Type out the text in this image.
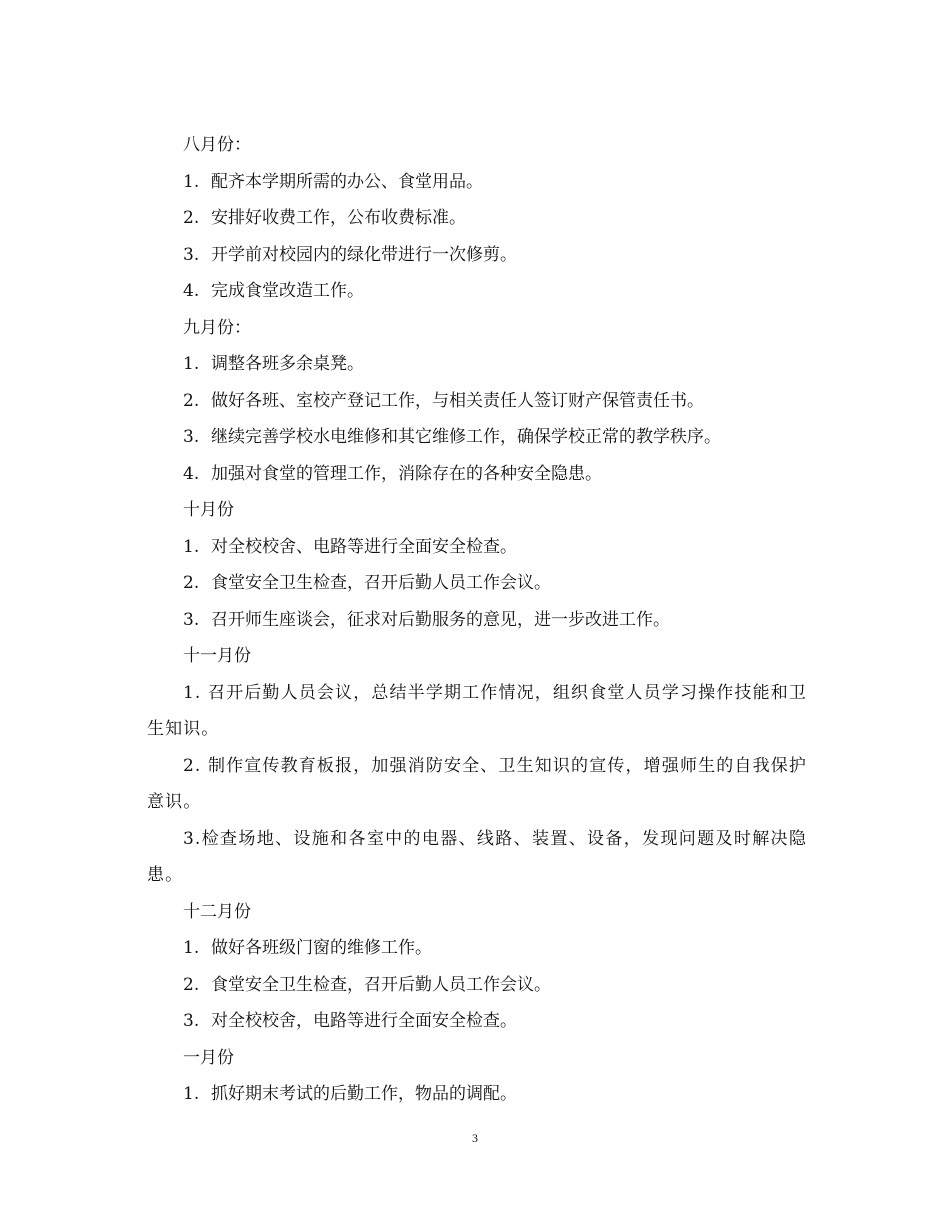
八月份：

1. 配齐本学期所需的办公、食堂用品。

2. 安排好收费工作，公布收费标准。

3. 开学前对校园内的绿化带进行一次修剪。

4. 完成食堂改造工作。

九月份：

1. 调整各班多余桌凳。

2. 做好各班、室校产登记工作，与相关责任人签订财产保管责任书。

3. 继续完善学校水电维修和其它维修工作，确保学校正常的教学秩序。

4. 加强对食堂的管理工作，消除存在的各种安全隐患。

十月份

1. 对全校校舍、电路等进行全面安全检查。

2. 食堂安全卫生检查，召开后勤人员工作会议。

3. 召开师生座谈会，征求对后勤服务的意见，进一步改进工作。

十一月份

1. 召开后勤人员会议，总结半学期工作情况，组织食堂人员学习操作技能和卫生知识。

2. 制作宣传教育板报，加强消防安全、卫生知识的宣传，增强师生的自我保护意识。

3.检查场地、设施和各室中的电器、线路、装置、设备，发现问题及时解决隐患。

十二月份

1. 做好各班级门窗的维修工作。

2. 食堂安全卫生检查，召开后勤人员工作会议。

3. 对全校校舍，电路等进行全面安全检查。

一月份

1. 抓好期末考试的后勤工作，物品的调配。

3
